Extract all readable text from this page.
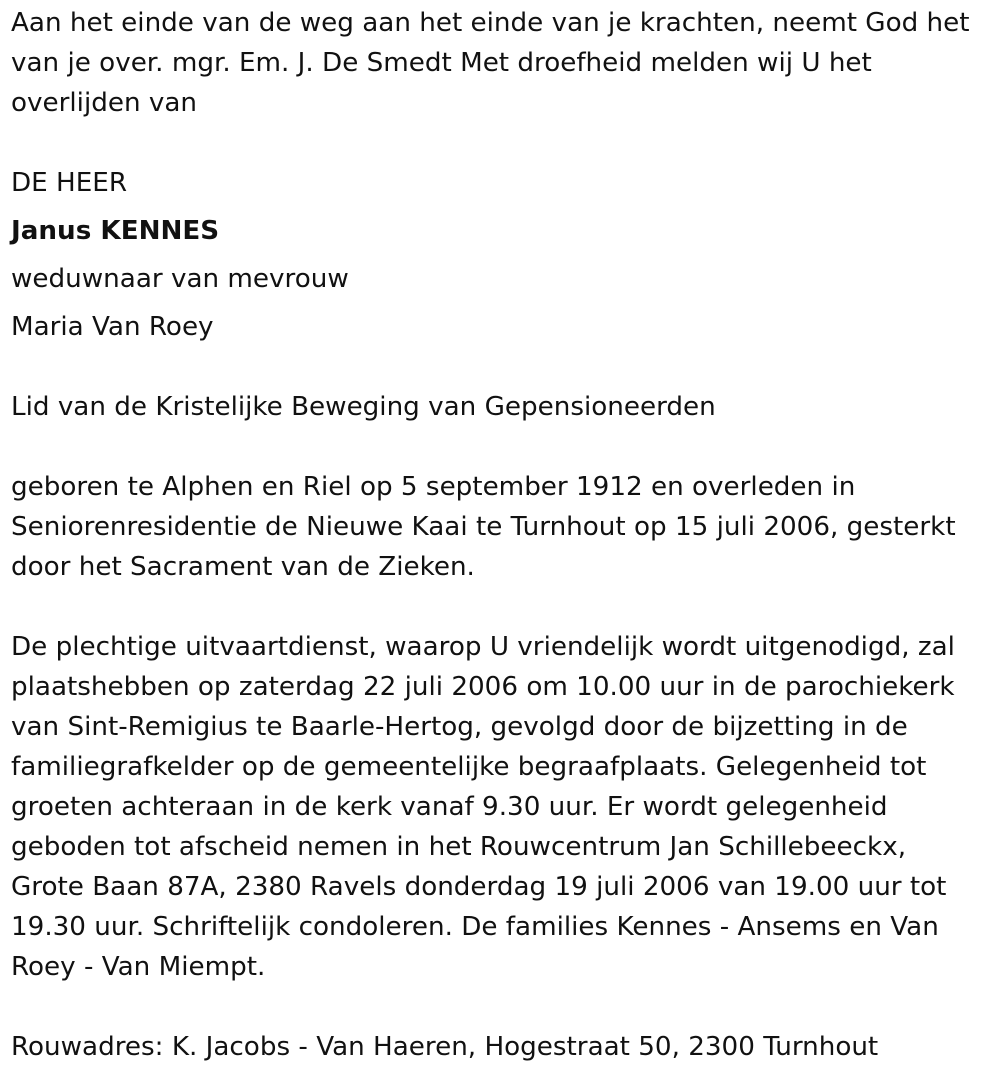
Aan het einde van de weg aan het einde van je krachten, neemt God het
van je over. mgr. Em. J. De Smedt Met droefheid melden wij U het
overlijden van

DE HEER

Janus KENNES

weduwnaar van mevrouw

Maria Van Roey

Lid van de Kristelijke Beweging van Gepensioneerden

geboren te Alphen en Riel op 5 september 1912 en overleden in
Seniorenresidentie de Nieuwe Kaai te Turnhout op 15 juli 2006, gesterkt
door het Sacrament van de Zieken.

De plechtige uitvaartdienst, waarop U vriendelijk wordt uitgenodigd, zal
plaatshebben op zaterdag 22 juli 2006 om 10.00 uur in de parochiekerk
van Sint-Remigius te Baarle-Hertog, gevolgd door de bijzetting in de
familiegrafkelder op de gemeentelijke begraafplaats. Gelegenheid tot
groeten achteraan in de kerk vanaf 9.30 uur. Er wordt gelegenheid
geboden tot afscheid nemen in het Rouwcentrum Jan Schillebeeckx,
Grote Baan 87A, 2380 Ravels donderdag 19 juli 2006 van 19.00 uur tot
19.30 uur. Schriftelijk condoleren. De families Kennes - Ansems en Van
Roey - Van Miempt.

Rouwadres: K. Jacobs - Van Haeren, Hogestraat 50, 2300 Turnhout
